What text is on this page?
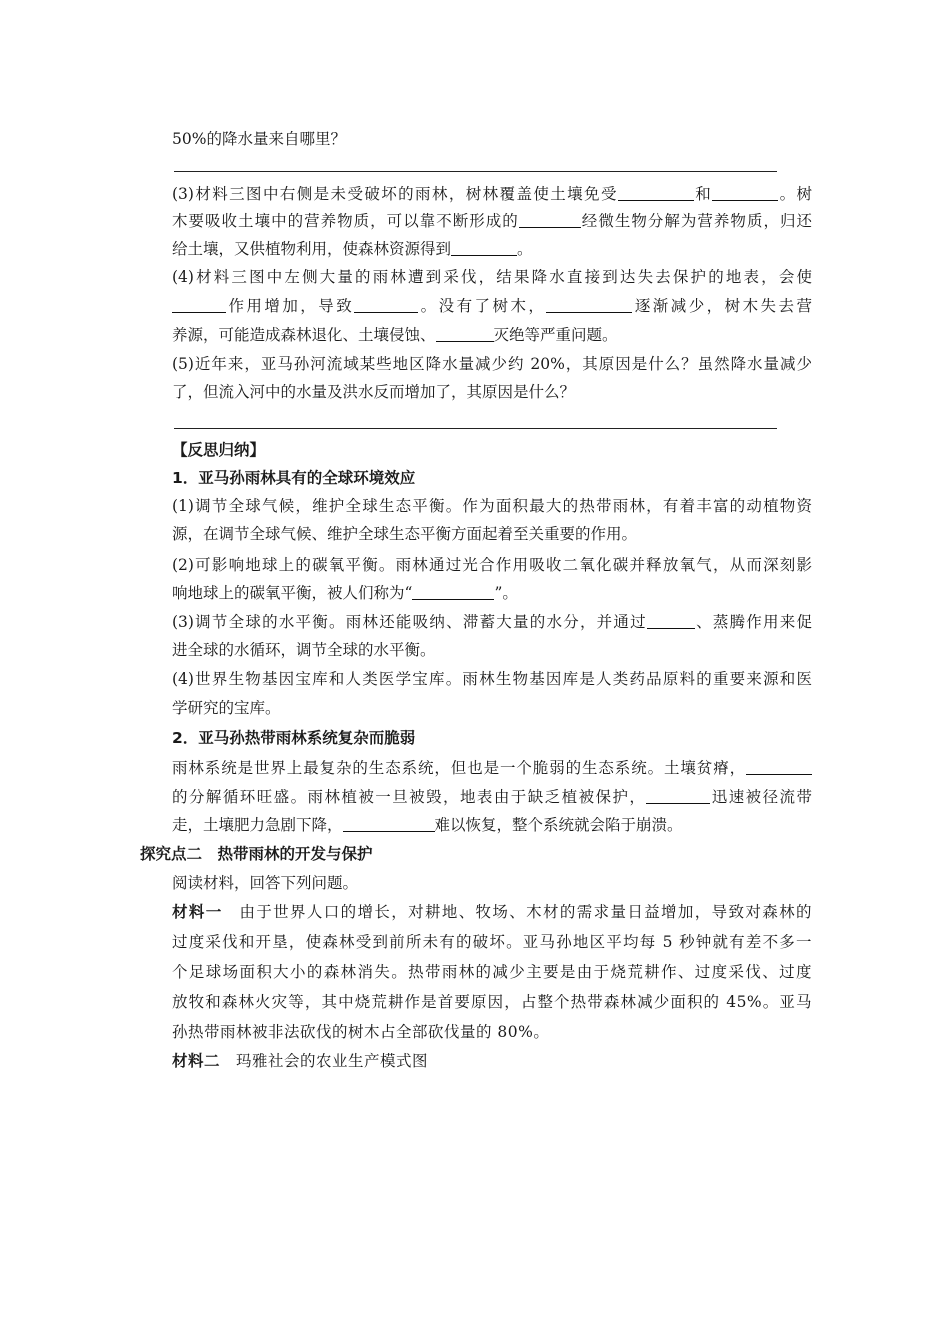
50%的降水量来自哪里？
(3)材料三图中右侧是未受破坏的雨林，树林覆盖使土壤免受	和	。树
木要吸收土壤中的营养物质，可以靠不断形成的	经微生物分解为营养物质，归还
给土壤，又供植物利用，使森林资源得到	。
(4)材料三图中左侧大量的雨林遭到采伐，结果降水直接到达失去保护的地表，会使
作用增加，导致	。没有了树木，	逐渐减少，树木失去营
养源，可能造成森林退化、土壤侵蚀、	灭绝等严重问题。
(5)近年来，亚马孙河流域某些地区降水量减少约 20%，其原因是什么？虽然降水量减少
了，但流入河中的水量及洪水反而增加了，其原因是什么？
【反思归纳】
1．亚马孙雨林具有的全球环境效应
(1)调节全球气候，维护全球生态平衡。作为面积最大的热带雨林，有着丰富的动植物资
源，在调节全球气候、维护全球生态平衡方面起着至关重要的作用。
(2)可影响地球上的碳氧平衡。雨林通过光合作用吸收二氧化碳并释放氧气，从而深刻影
响地球上的碳氧平衡，被人们称为“	”。
(3)调节全球的水平衡。雨林还能吸纳、滞蓄大量的水分，并通过	、蒸腾作用来促
进全球的水循环，调节全球的水平衡。
(4)世界生物基因宝库和人类医学宝库。雨林生物基因库是人类药品原料的重要来源和医
学研究的宝库。
2．亚马孙热带雨林系统复杂而脆弱
雨林系统是世界上最复杂的生态系统，但也是一个脆弱的生态系统。土壤贫瘠，
的分解循环旺盛。雨林植被一旦被毁，地表由于缺乏植被保护，	迅速被径流带
走，土壤肥力急剧下降，	难以恢复，整个系统就会陷于崩溃。
探究点二　热带雨林的开发与保护
阅读材料，回答下列问题。
材料一　由于世界人口的增长，对耕地、牧场、木材的需求量日益增加，导致对森林的
过度采伐和开垦，使森林受到前所未有的破坏。亚马孙地区平均每 5 秒钟就有差不多一
个足球场面积大小的森林消失。热带雨林的减少主要是由于烧荒耕作、过度采伐、过度
放牧和森林火灾等，其中烧荒耕作是首要原因，占整个热带森林减少面积的 45%。亚马
孙热带雨林被非法砍伐的树木占全部砍伐量的 80%。
材料二　玛雅社会的农业生产模式图
